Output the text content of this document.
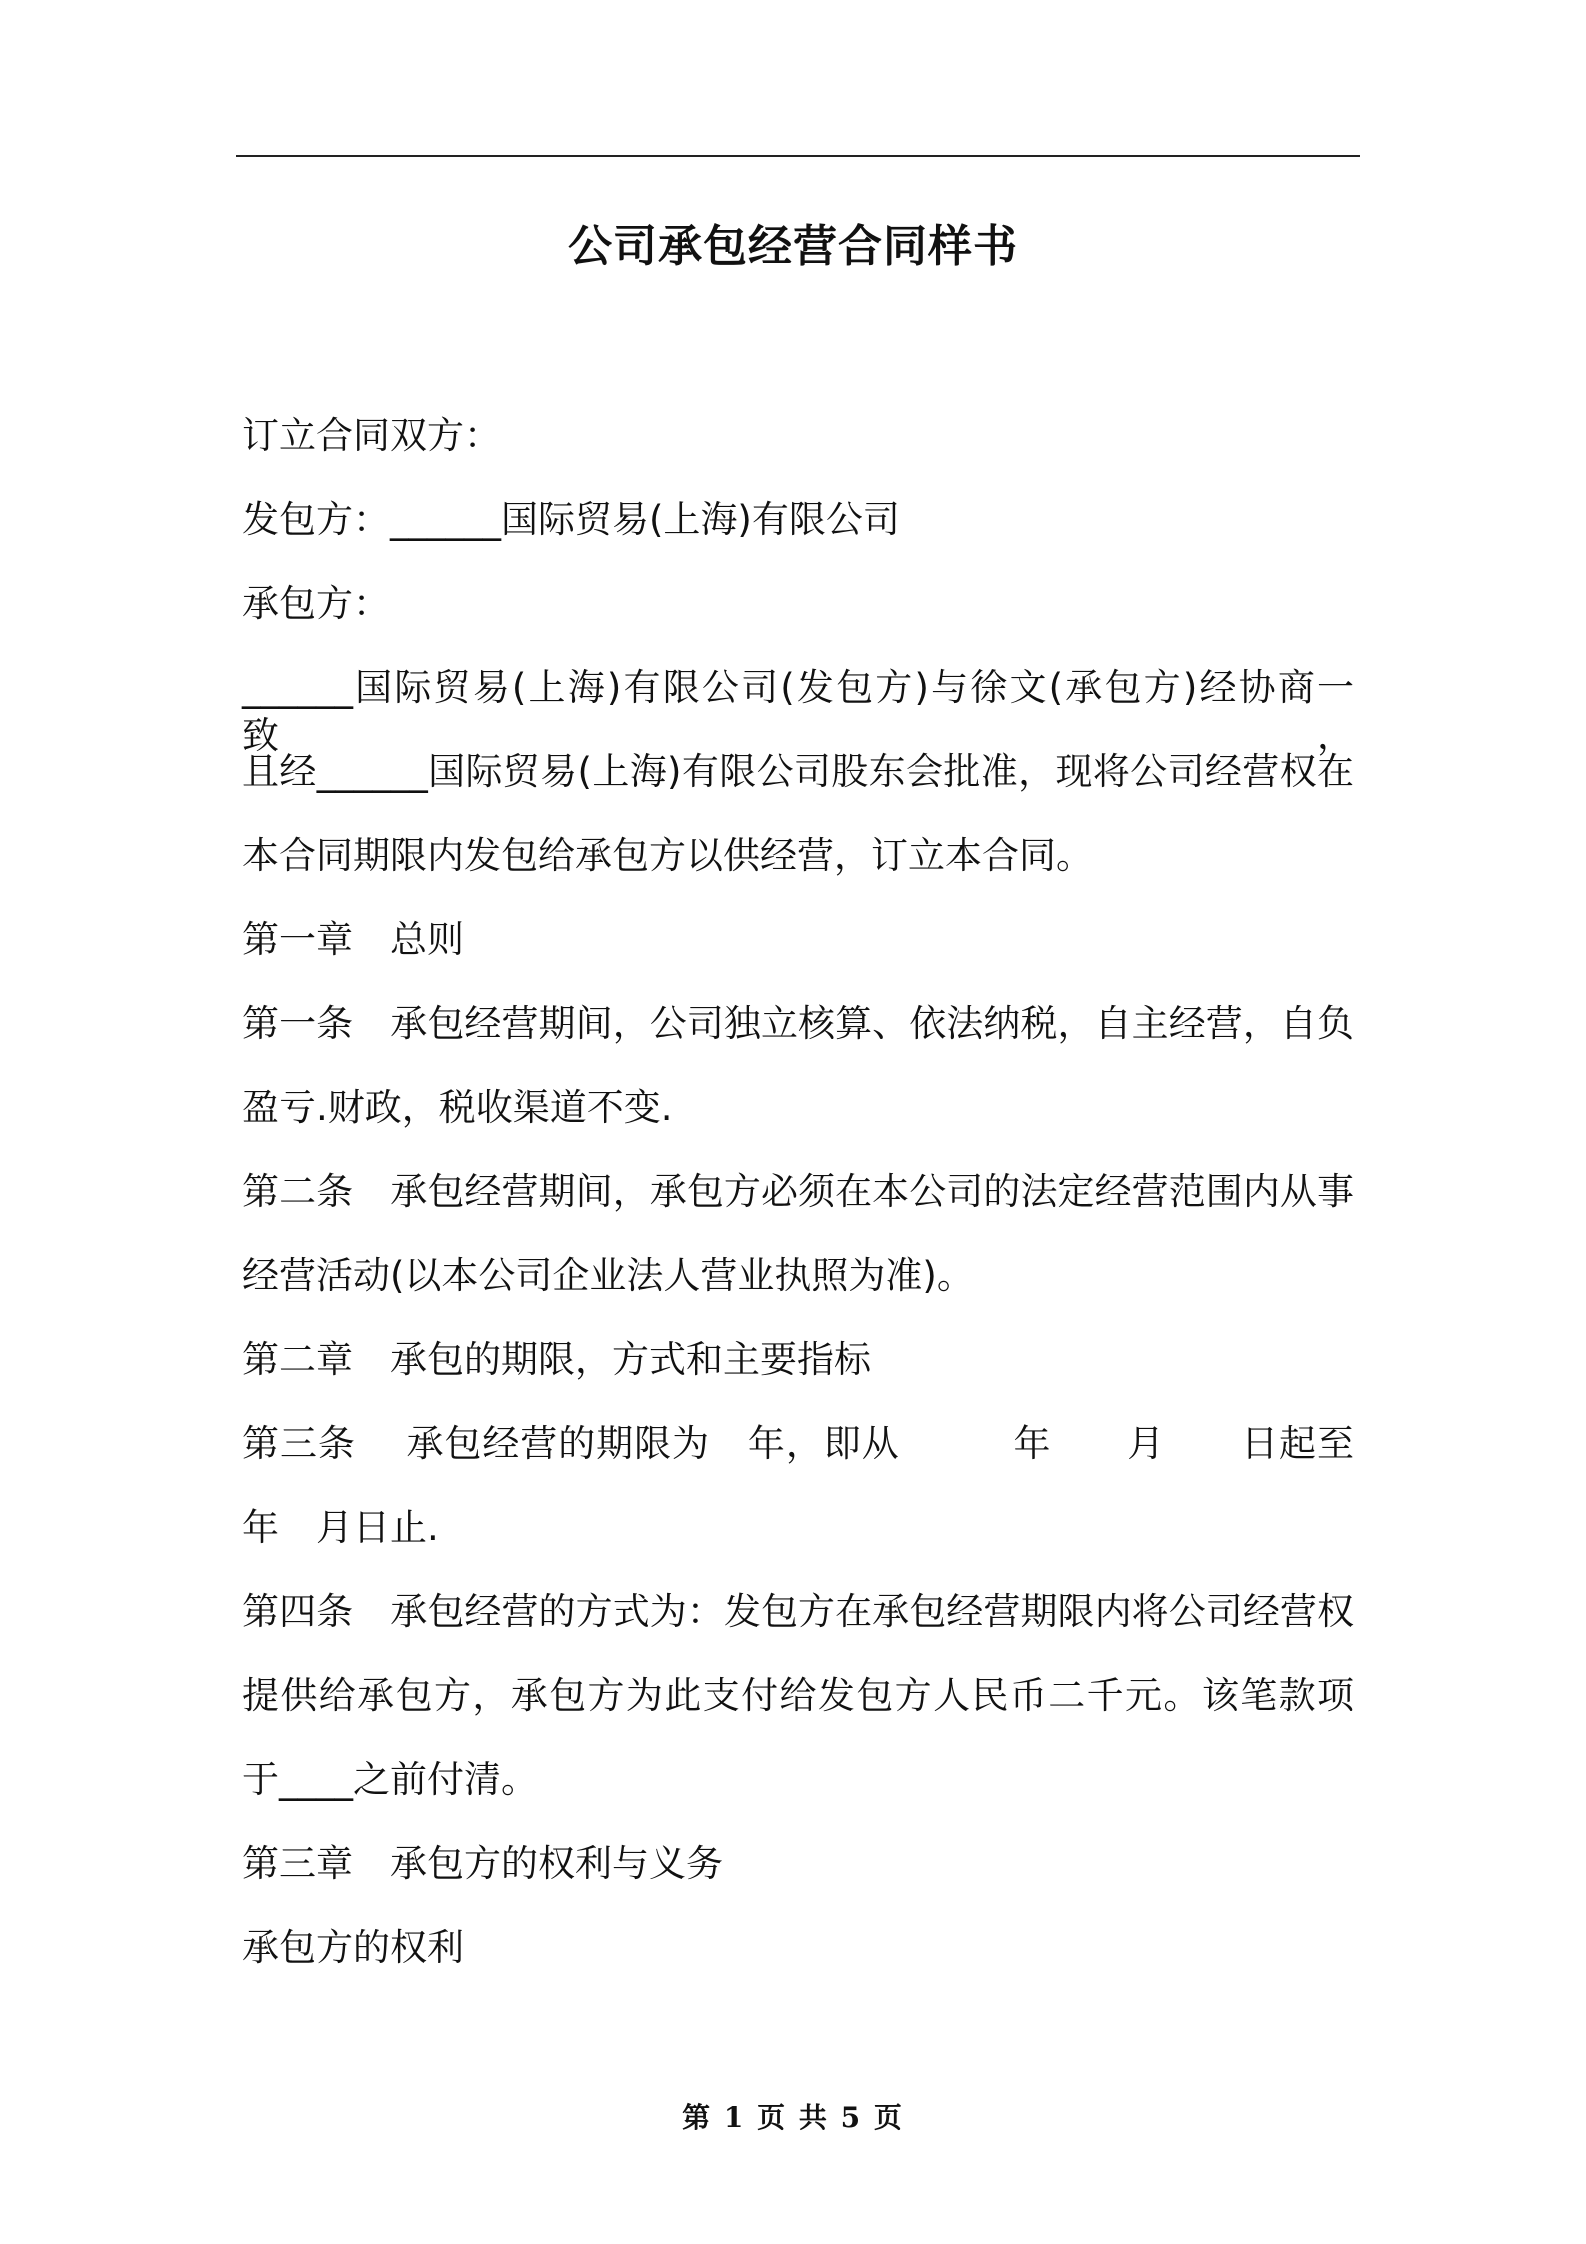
公司承包经营合同样书

订立合同双方：

发包方：______国际贸易(上海)有限公司

承包方：

______国际贸易(上海)有限公司(发包方)与徐文(承包方)经协商一致，

且经______国际贸易(上海)有限公司股东会批准，现将公司经营权在

本合同期限内发包给承包方以供经营，订立本合同。

第一章　总则

第一条　承包经营期间，公司独立核算、依法纳税，自主经营，自负

盈亏.财政，税收渠道不变.

第二条　承包经营期间，承包方必须在本公司的法定经营范围内从事

经营活动(以本公司企业法人营业执照为准)。

第二章　承包的期限，方式和主要指标

第三条　 承包经营的期限为　年，即从　　　年　　月　　日起至

年　月日止.

第四条　承包经营的方式为：发包方在承包经营期限内将公司经营权

提供给承包方，承包方为此支付给发包方人民币二千元。该笔款项

于____之前付清。

第三章　承包方的权利与义务

承包方的权利

第 1 页 共 5 页
